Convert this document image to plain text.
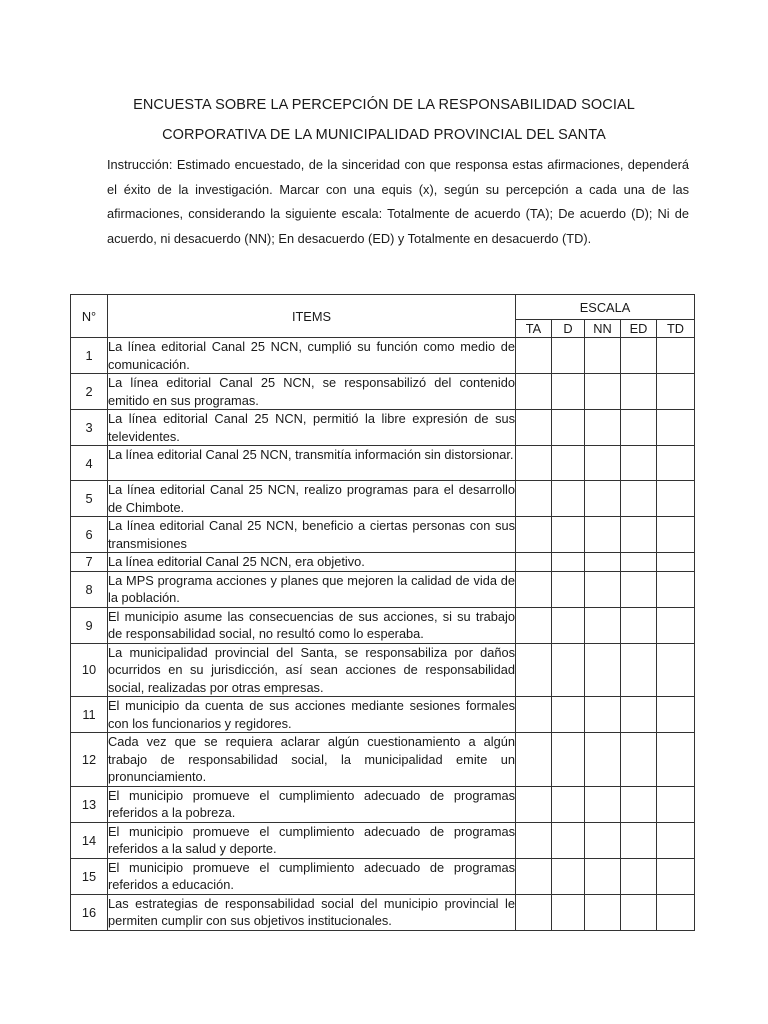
ENCUESTA SOBRE LA PERCEPCIÓN DE LA RESPONSABILIDAD SOCIAL
CORPORATIVA DE LA MUNICIPALIDAD PROVINCIAL DEL SANTA
Instrucción: Estimado encuestado, de la sinceridad con que responsa estas afirmaciones, dependerá el éxito de la investigación. Marcar con una equis (x), según su percepción a cada una de las afirmaciones, considerando la siguiente escala: Totalmente de acuerdo (TA); De acuerdo (D); Ni de acuerdo, ni desacuerdo (NN); En desacuerdo (ED) y Totalmente en desacuerdo (TD).
N°	ITEMS	ESCALA				
		TA	D	NN	ED	TD
1	La línea editorial Canal 25 NCN, cumplió su función como medio de comunicación.					
2	La línea editorial Canal 25 NCN, se responsabilizó del contenido emitido en sus programas.					
3	La línea editorial Canal 25 NCN, permitió la libre expresión de sus televidentes.					
4	La línea editorial Canal 25 NCN, transmitía información sin distorsionar.					
5	La línea editorial Canal 25 NCN, realizo programas para el desarrollo de Chimbote.					
6	La línea editorial Canal 25 NCN, beneficio a ciertas personas con sus transmisiones					
7	La línea editorial Canal 25 NCN, era objetivo.					
8	La MPS programa acciones y planes que mejoren la calidad de vida de la población.					
9	El municipio asume las consecuencias de sus acciones, si su trabajo de responsabilidad social, no resultó como lo esperaba.					
10	La municipalidad provincial del Santa, se responsabiliza por daños ocurridos en su jurisdicción, así sean acciones de responsabilidad social, realizadas por otras empresas.					
11	El municipio da cuenta de sus acciones mediante sesiones formales con los funcionarios y regidores.					
12	Cada vez que se requiera aclarar algún cuestionamiento a algún trabajo de responsabilidad social, la municipalidad emite un pronunciamiento.					
13	El municipio promueve el cumplimiento adecuado de programas referidos a la pobreza.					
14	El municipio promueve el cumplimiento adecuado de programas referidos a la salud y deporte.					
15	El municipio promueve el cumplimiento adecuado de programas referidos a educación.					
16	Las estrategias de responsabilidad social del municipio provincial le permiten cumplir con sus objetivos institucionales.					
